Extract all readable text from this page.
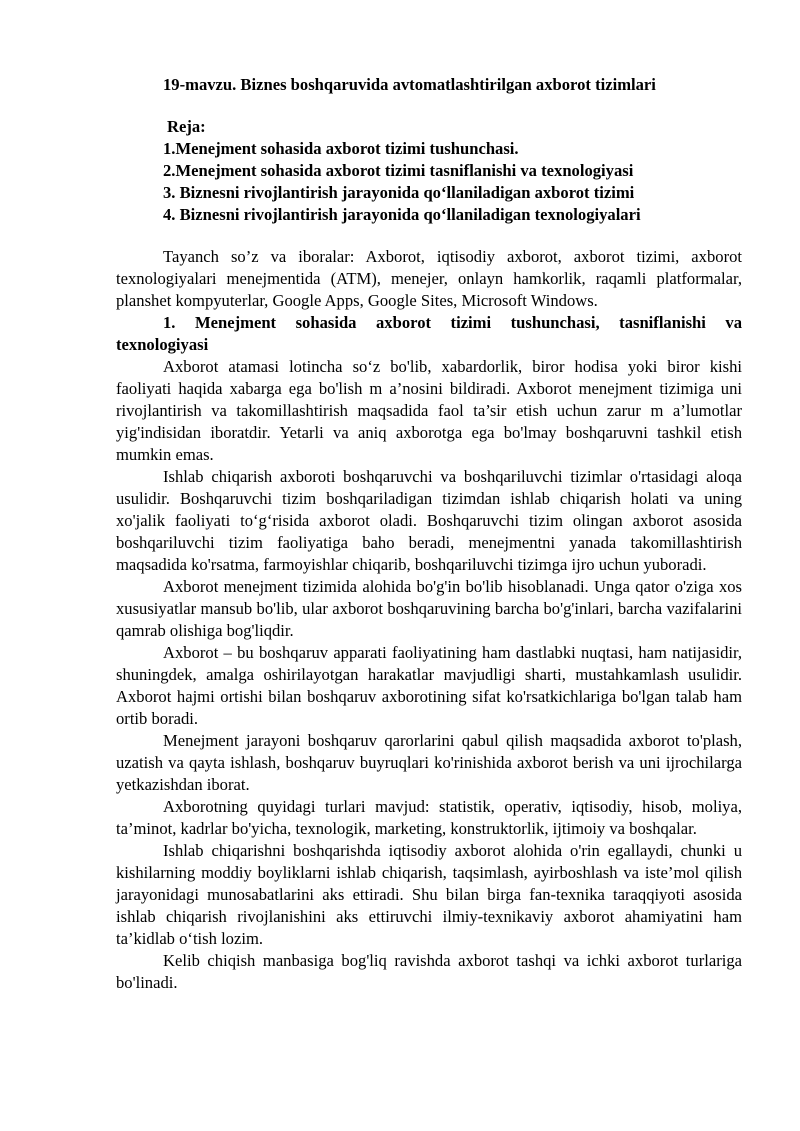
19-mavzu. Biznes boshqaruvida avtomatlashtirilgan axborot tizimlari

Reja:

1.Menejment sohasida axborot tizimi tushunchasi.

2.Menejment sohasida axborot tizimi tasniflanishi va texnologiyasi

3. Biznesni rivojlantirish jarayonida qo‘llaniladigan axborot tizimi

4. Biznesni rivojlantirish jarayonida qo‘llaniladigan texnologiyalari

Tayanch so’z va iboralar: Axborot, iqtisodiy axborot, axborot tizimi, axborot texnologiyalari menejmentida (ATM), menejer, onlayn hamkorlik, raqamli platformalar, planshet kompyuterlar, Google Apps, Google Sites, Microsoft Windows.

1. Menejment sohasida axborot tizimi tushunchasi, tasniflanishi va texnologiyasi

Axborot atamasi lotincha so‘z bo'lib, xabardorlik, biror hodisa yoki biror kishi faoliyati haqida xabarga ega bo'lish m a’nosini bildiradi. Axborot menejment tizimiga uni rivojlantirish va takomillashtirish maqsadida faol ta’sir etish uchun zarur m a’lumotlar yig'indisidan iboratdir. Yetarli va aniq axborotga ega bo'lmay boshqaruvni tashkil etish mumkin emas.

Ishlab chiqarish axboroti boshqaruvchi va boshqariluvchi tizimlar o'rtasidagi aloqa usulidir. Boshqaruvchi tizim boshqariladigan tizimdan ishlab chiqarish holati va uning xo'jalik faoliyati to‘g‘risida axborot oladi. Boshqaruvchi tizim olingan axborot asosida boshqariluvchi tizim faoliyatiga baho beradi, menejmentni yanada takomillashtirish maqsadida ko'rsatma, farmoyishlar chiqarib, boshqariluvchi tizimga ijro uchun yuboradi.

Axborot menejment tizimida alohida bo'g'in bo'lib hisoblanadi. Unga qator o'ziga xos xususiyatlar mansub bo'lib, ular axborot boshqaruvining barcha bo'g'inlari, barcha vazifalarini qamrab olishiga bog'liqdir.

Axborot – bu boshqaruv apparati faoliyatining ham dastlabki nuqtasi, ham natijasidir, shuningdek, amalga oshirilayotgan harakatlar mavjudligi sharti, mustahkamlash usulidir. Axborot hajmi ortishi bilan boshqaruv axborotining sifat ko'rsatkichlariga bo'lgan talab ham ortib boradi.

Menejment jarayoni boshqaruv qarorlarini qabul qilish maqsadida axborot to'plash, uzatish va qayta ishlash, boshqaruv buyruqlari ko'rinishida axborot berish va uni ijrochilarga yetkazishdan iborat.

Axborotning quyidagi turlari mavjud: statistik, operativ, iqtisodiy, hisob, moliya, ta’minot, kadrlar bo'yicha, texnologik, marketing, konstruktorlik, ijtimoiy va boshqalar.

Ishlab chiqarishni boshqarishda iqtisodiy axborot alohida o'rin egallaydi, chunki u kishilarning moddiy boyliklarni ishlab chiqarish, taqsimlash, ayirboshlash va iste’mol qilish jarayonidagi munosabatlarini aks ettiradi. Shu bilan birga fan-texnika taraqqiyoti asosida ishlab chiqarish rivojlanishini aks ettiruvchi ilmiy-texnikaviy axborot ahamiyatini ham ta’kidlab o‘tish lozim.

Kelib chiqish manbasiga bog'liq ravishda axborot tashqi va ichki axborot turlariga bo'linadi.
